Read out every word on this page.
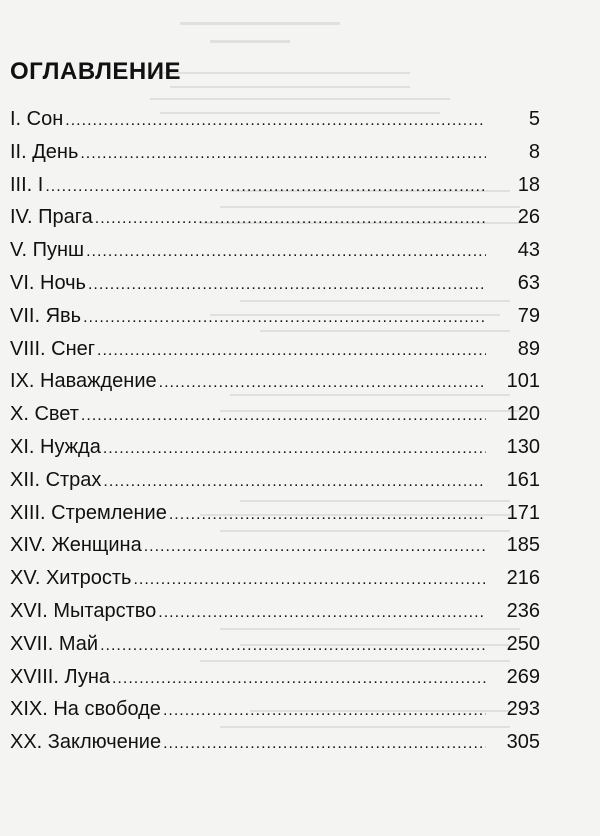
ОГЛАВЛЕНИЕ
I. Сон .....	5
II. День .....	8
III. I .....	18
IV. Прага .....	26
V. Пунш .....	43
VI. Ночь .....	63
VII. Явь .....	79
VIII. Снег .....	89
IX. Наваждение .....	101
X. Свет .....	120
XI. Нужда .....	130
XII. Страх .....	161
XIII. Стремление .....	171
XIV. Женщина .....	185
XV. Хитрость .....	216
XVI. Мытарство .....	236
XVII. Май .....	250
XVIII. Луна .....	269
XIX. На свободе .....	293
XX. Заключение .....	305
